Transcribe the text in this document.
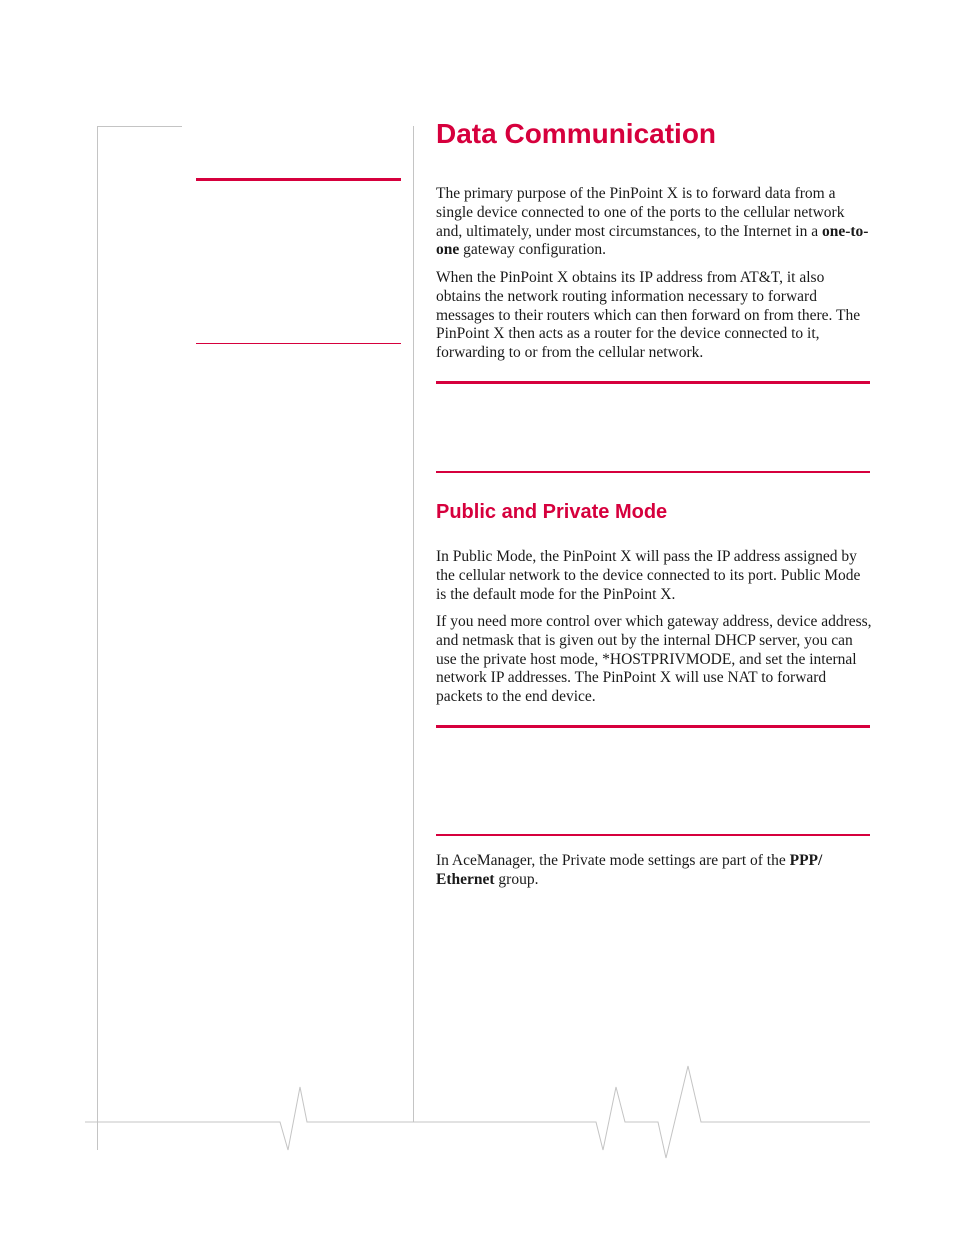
Data Communication

The primary purpose of the PinPoint X is to forward data from a single device connected to one of the ports to the cellular network and, ultimately, under most circumstances, to the Internet in a one-to-one gateway configuration.

When the PinPoint X obtains its IP address from AT&T, it also obtains the network routing information necessary to forward messages to their routers which can then forward on from there. The PinPoint X then acts as a router for the device connected to it, forwarding to or from the cellular network.

Public and Private Mode

In Public Mode, the PinPoint X will pass the IP address assigned by the cellular network to the device connected to its port. Public Mode is the default mode for the PinPoint X.

If you need more control over which gateway address, device address, and netmask that is given out by the internal DHCP server, you can use the private host mode, *HOSTPRIVMODE, and set the internal network IP addresses. The PinPoint X will use NAT to forward packets to the end device.

In AceManager, the Private mode settings are part of the PPP/ Ethernet group.
